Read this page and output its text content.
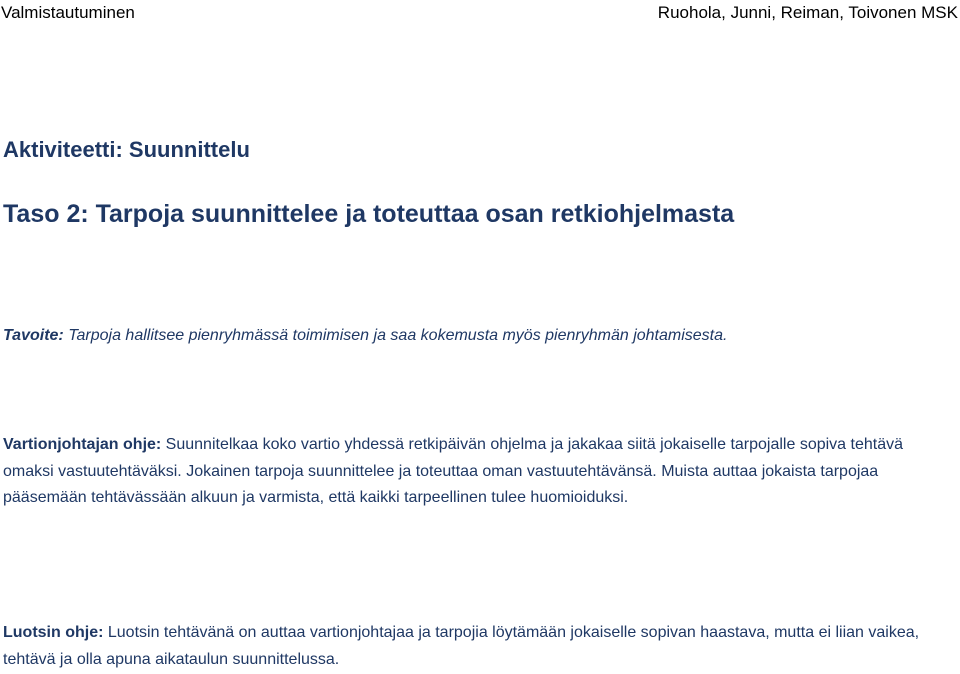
Valmistautuminen	Ruohola, Junni, Reiman, Toivonen MSK
Aktiviteetti: Suunnittelu
Taso 2: Tarpoja suunnittelee ja toteuttaa osan retkiohjelmasta

Tavoite: Tarpoja hallitsee pienryhmässä toimimisen ja saa kokemusta myös pienryhmän johtamisesta.

Vartionjohtajan ohje: Suunnitelkaa koko vartio yhdessä retkipäivän ohjelma ja jakakaa siitä jokaiselle tarpojalle sopiva tehtävä omaksi vastuutehtäväksi. Jokainen tarpoja suunnittelee ja toteuttaa oman vastuutehtävänsä. Muista auttaa jokaista tarpojaa pääsemään tehtävässään alkuun ja varmista, että kaikki tarpeellinen tulee huomioiduksi.

Luotsin ohje: Luotsin tehtävänä on auttaa vartionjohtajaa ja tarpojia löytämään jokaiselle sopivan haastava, mutta ei liian vaikea, tehtävä ja olla apuna aikataulun suunnittelussa.
